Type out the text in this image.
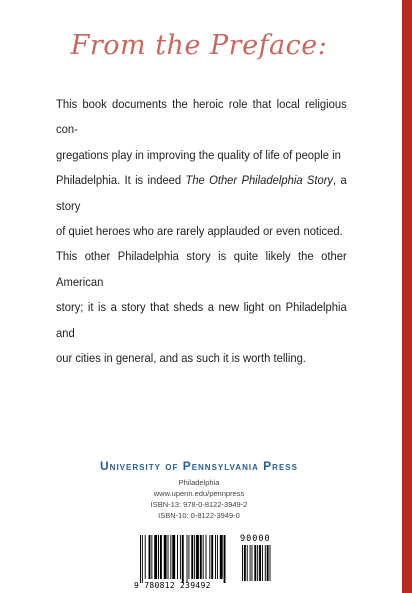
From the Preface:
This book documents the heroic role that local religious con-
gregations play in improving the quality of life of people in
Philadelphia. It is indeed The Other Philadelphia Story, a story
of quiet heroes who are rarely applauded or even noticed.
This other Philadelphia story is quite likely the other American
story; it is a story that sheds a new light on Philadelphia and
our cities in general, and as such it is worth telling.
University of Pennsylvania Press
Philadelphia
www.upenn.edu/pennpress
ISBN-13: 978-0-8122-3949-2
ISBN-10: 0-8122-3949-0
9 780812 239492
90000
